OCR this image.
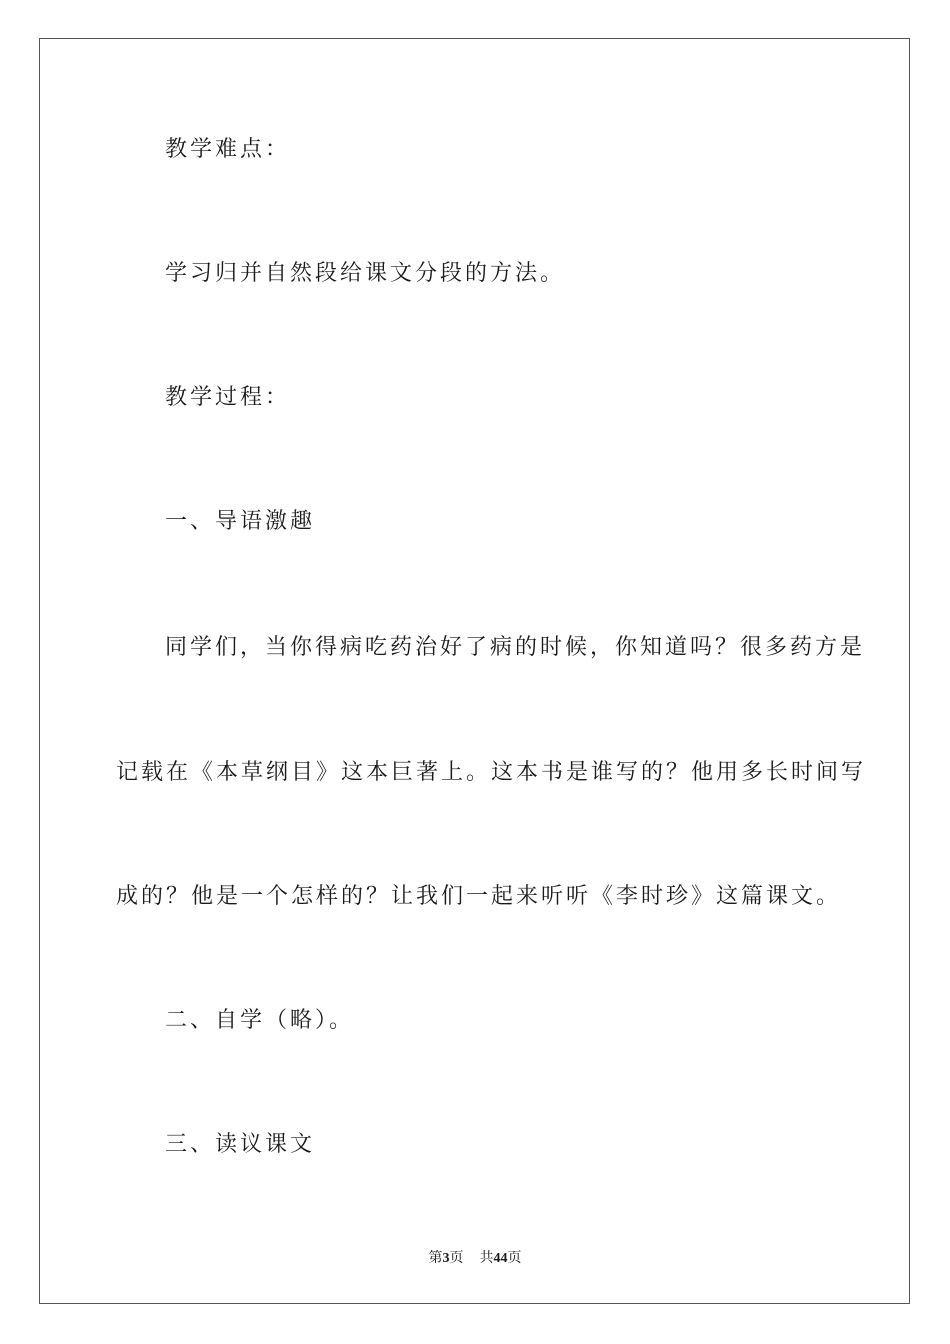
教学难点：
学习归并自然段给课文分段的方法。
教学过程：
一、导语激趣
同学们，当你得病吃药治好了病的时候，你知道吗？很多药方是
记载在《本草纲目》这本巨著上。这本书是谁写的？他用多长时间写
成的？他是一个怎样的？让我们一起来听听《李时珍》这篇课文。
二、自学（略）。
三、读议课文
第3页 共44页
